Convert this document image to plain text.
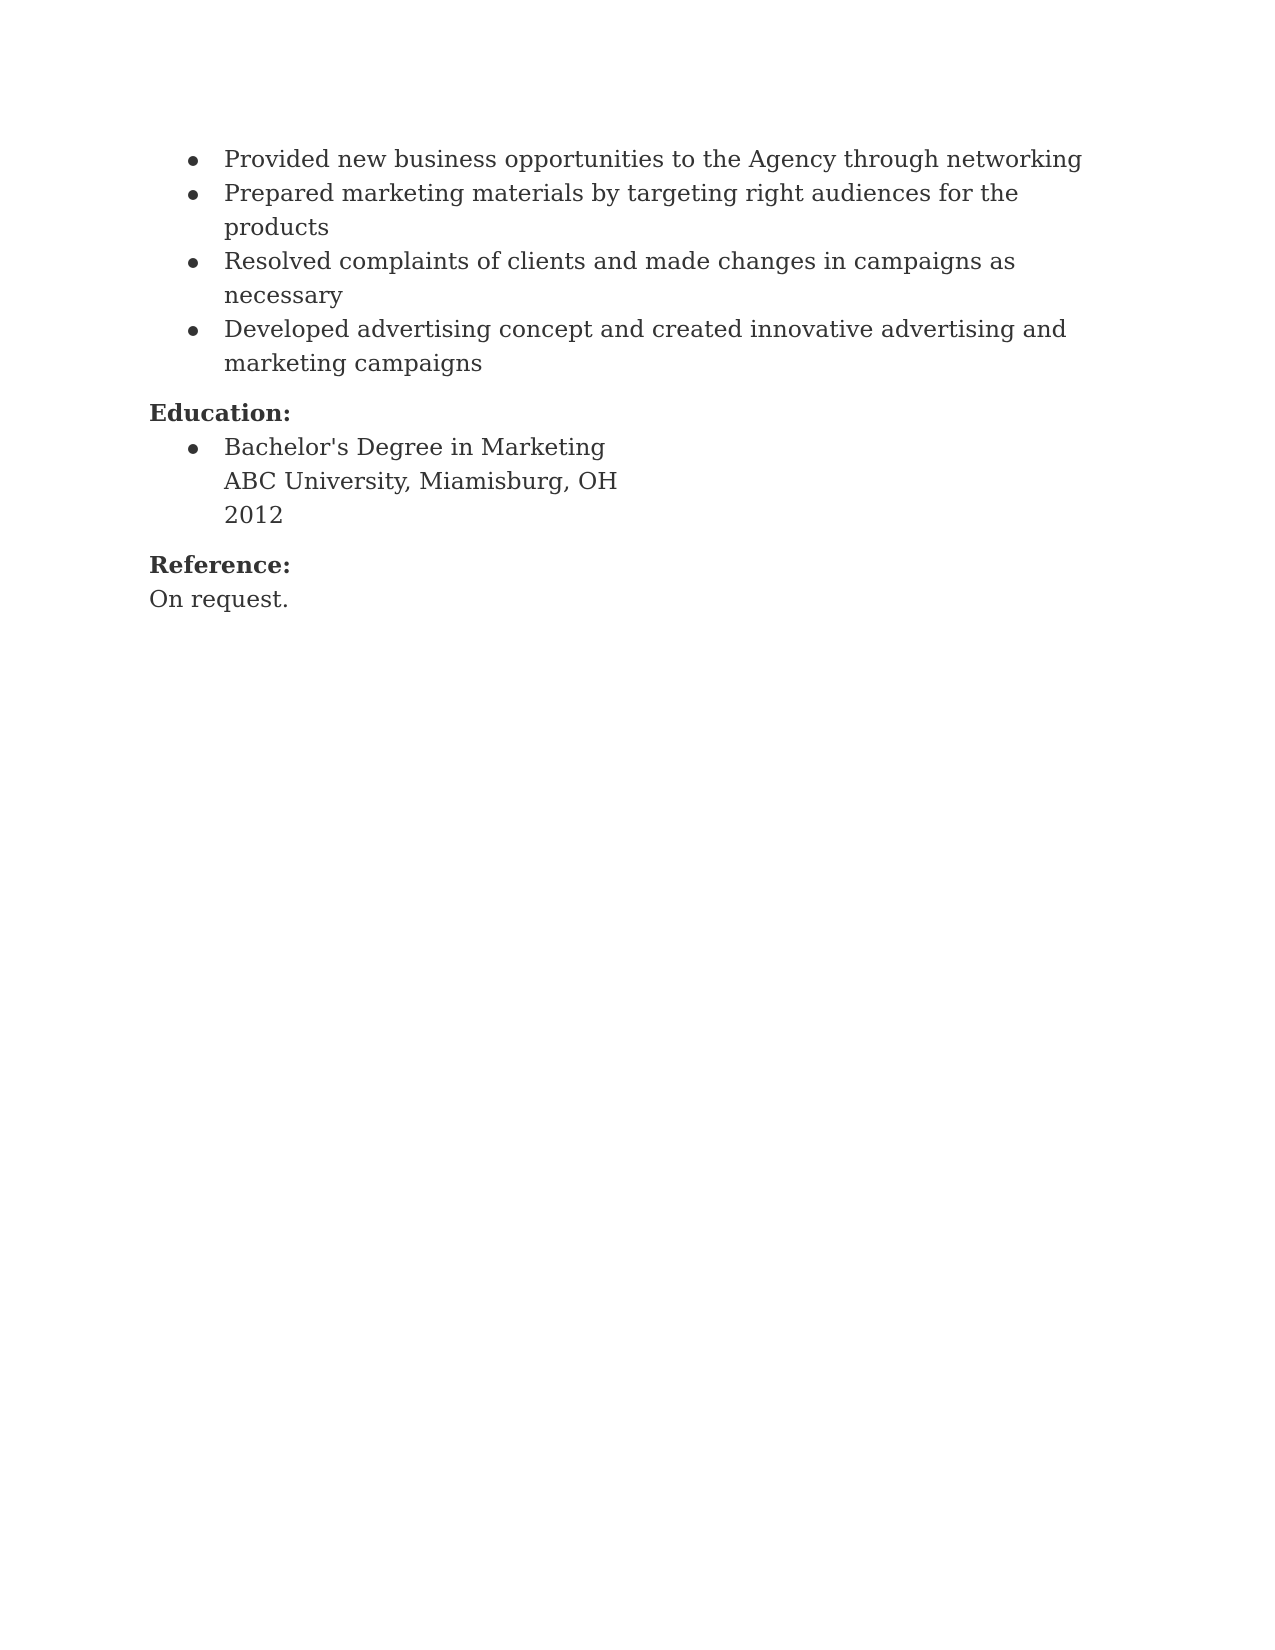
Provided new business opportunities to the Agency through networking
Prepared marketing materials by targeting right audiences for the products
Resolved complaints of clients and made changes in campaigns as necessary
Developed advertising concept and created innovative advertising and marketing campaigns
Education:
Bachelor's Degree in Marketing
ABC University, Miamisburg, OH
2012
Reference:

On request.
